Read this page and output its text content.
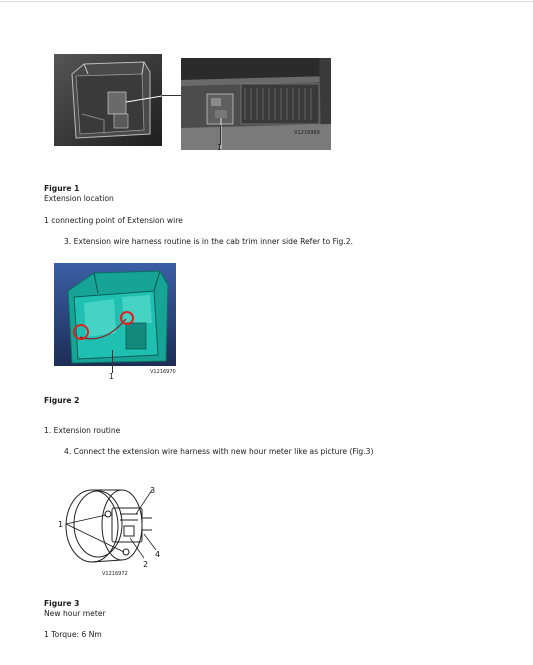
V1216969
1
Figure 1
Extension location
1 connecting point of Extension wire
3. Extension wire harness routine is in the cab trim inner side Refer to Fig.2.
1	V1216970
Figure 2
1. Extension routine
4. Connect the extension wire harness with new hour meter like as picture (Fig.3)
1
2
3
4
V1216972
Figure 3
New hour meter
1 Torque: 6 Nm
